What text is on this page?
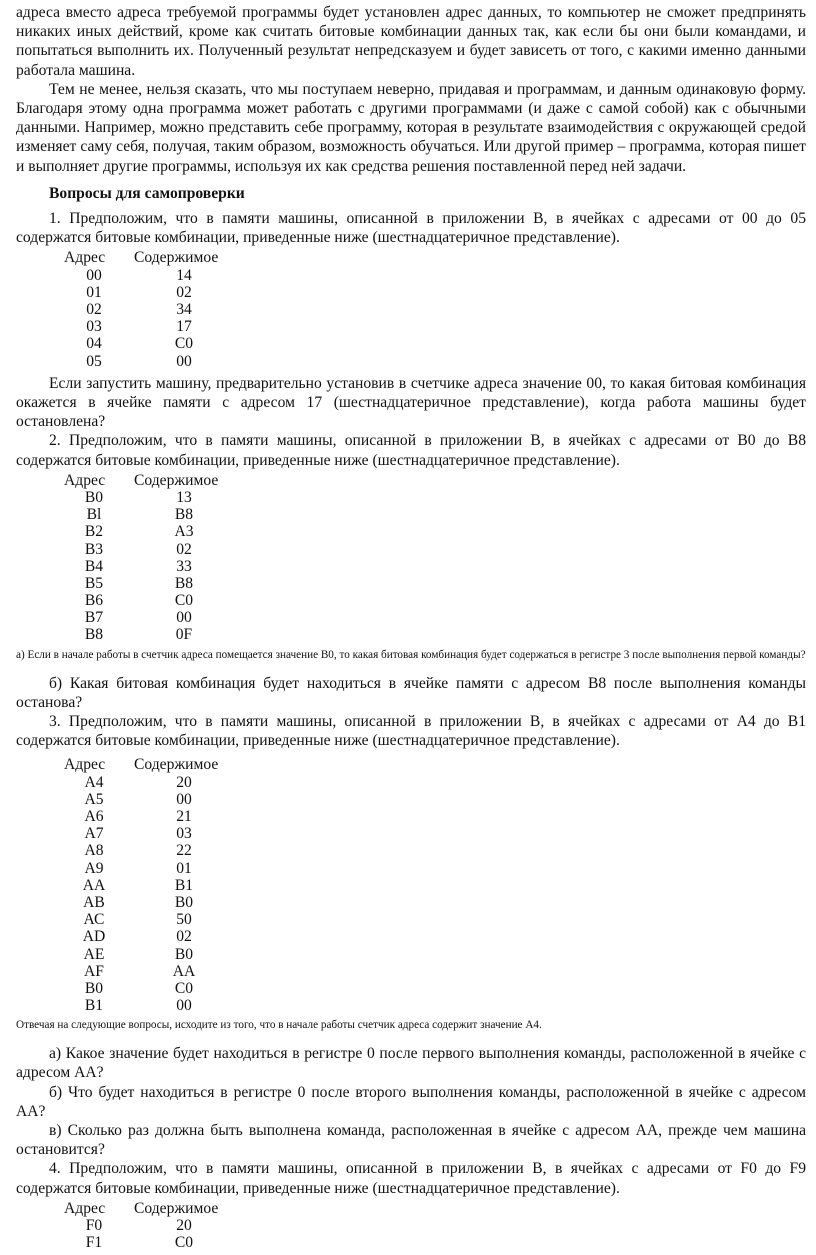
адреса вместо адреса требуемой программы будет установлен адрес данных, то компьютер не сможет предпринять никаких иных действий, кроме как считать битовые комбинации данных так, как если бы они были командами, и попытаться выполнить их. Полученный результат непредсказуем и будет зависеть от того, с какими именно данными работала машина.

Тем не менее, нельзя сказать, что мы поступаем неверно, придавая и программам, и данным одинаковую форму. Благодаря этому одна программа может работать с другими программами (и даже с самой собой) как с обычными данными. Например, можно представить себе программу, которая в результате взаимодействия с окружающей средой изменяет саму себя, получая, таким образом, возможность обучаться. Или другой пример – программа, которая пишет и выполняет другие программы, используя их как средства решения поставленной перед ней задачи.

Вопросы для самопроверки

1. Предположим, что в памяти машины, описанной в приложении В, в ячейках с адресами от 00 до 05 содержатся битовые комбинации, приведенные ниже (шестнадцатеричное представление).

Адрес	Содержимое
00	14
01	02
02	34
03	17
04	C0
05	00

Если запустить машину, предварительно установив в счетчике адреса значение 00, то какая битовая комбинация окажется в ячейке памяти с адресом 17 (шестнадцатеричное представление), когда работа машины будет остановлена?

2. Предположим, что в памяти машины, описанной в приложении В, в ячейках с адресами от В0 до В8 содержатся битовые комбинации, приведенные ниже (шестнадцатеричное представление).

Адрес	Содержимое
В0	13
Bl	В8
В2	A3
В3	02
В4	33
В5	B8
В6	C0
В7	00
В8	0F

а) Если в начале работы в счетчик адреса помещается значение В0, то какая битовая комбинация будет содержаться в регистре 3 после выполнения первой команды?

б) Какая битовая комбинация будет находиться в ячейке памяти с адресом В8 после выполнения команды останова?

3. Предположим, что в памяти машины, описанной в приложении В, в ячейках с адресами от А4 до В1 содержатся битовые комбинации, приведенные ниже (шестнадцатеричное представление).

Адрес	Содержимое
А4	20
А5	00
А6	21
А7	03
А8	22
А9	01
АА	В1
АВ	В0
АС	50
AD	02
АЕ	В0
AF	АА
В0	C0
В1	00

Отвечая на следующие вопросы, исходите из того, что в начале работы счетчик адреса содержит значение А4.

а) Какое значение будет находиться в регистре 0 после первого выполнения команды, расположенной в ячейке с адресом АА?

б) Что будет находиться в регистре 0 после второго выполнения команды, расположенной в ячейке с адресом АА?

в) Сколько раз должна быть выполнена команда, расположенная в ячейке с адресом АА, прежде чем машина остановится?

4. Предположим, что в памяти машины, описанной в приложении В, в ячейках с адресами от F0 до F9 содержатся битовые комбинации, приведенные ниже (шестнадцатеричное представление).

Адрес	Содержимое
F0	20
F1	C0
